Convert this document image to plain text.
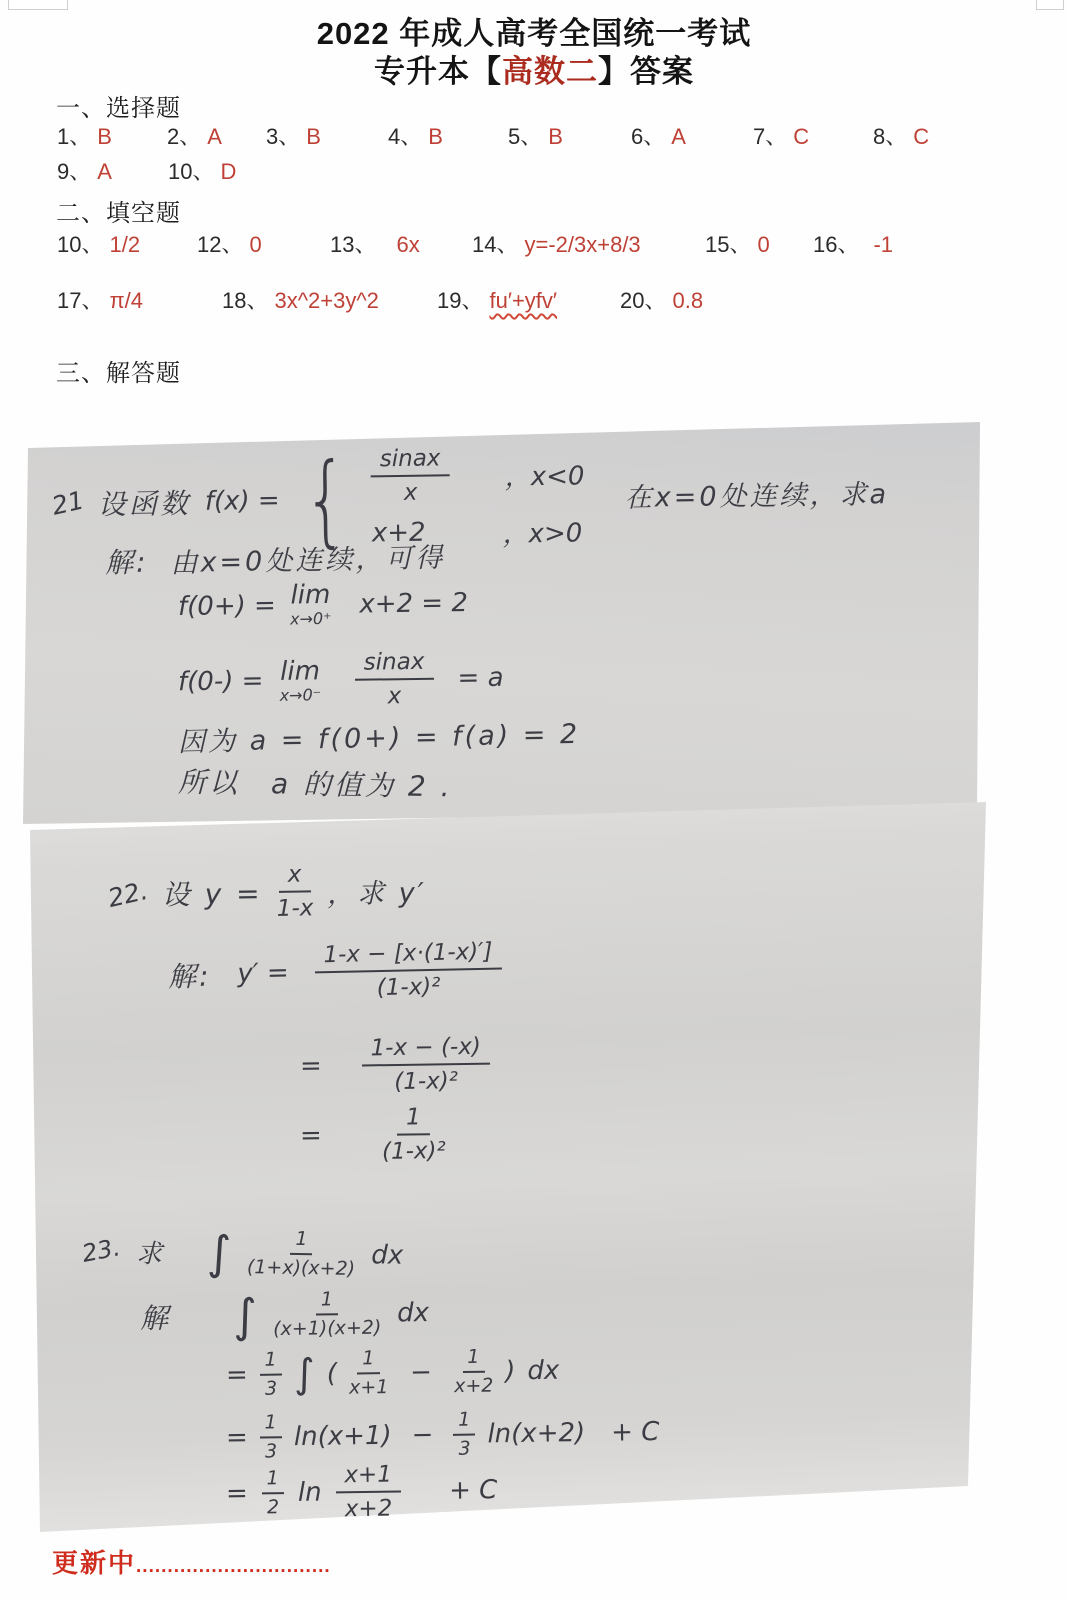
2022 年成人高考全国统一考试
专升本【高数二】答案
一、选择题
1、 B	2、 A 3、 B	4、 B	5、 B	6、 A	7、 C	8、 C
9、 A	10、 D
二、填空题
10、 1/2	12、 0	13、 6x 14、 y=-2/3x+8/3	15、 0 16、 -1
17、 π/4	18、 3x^2+3y^2	19、 fu′+yfv′	20、 0.8
三、解答题
21 设函数 f(x) = { $\frac{\text{sinax}}{x}$ ，x<0
x+2	，x>0
在x=0处连续，求a
解: 由x=0处连续，可得
f(0+) = lim
x→0⁺ x+2 = 2
f(0-) = lim
$x\to 0^- \frac{\text{sinax}}{x} = a$
因为 a = f(0+) = f(a) = 2
所以　a 的值为 2 .
22. 设 $y = \frac{x}{1-x}$ ，求 y′
解: $y' = \frac{1-x - [x\cdot(1-x)']}{\text{(1-x)²}}$
= $\frac{1-x - (-x)}{\text{(1-x)²}}$
=	$\frac{1}{\text{(1-x)²}}$
23. 求 ∫ $\frac{1}{(1+x)(x+2)}$ dx
解 ∫ $\frac{1}{(x+1)(x+2)}$ dx
= $\frac{1}{3}$ ∫ ( $\frac{1}{x+1} - \frac{1}{x+2}$ ) dx
= $\frac{1}{3} \ln(x+1) - \frac{1}{3} \ln(x+2) + C$
= $\frac{1}{2}$ $\ln \frac{x+1}{x+2} + C$
更新中...............................
